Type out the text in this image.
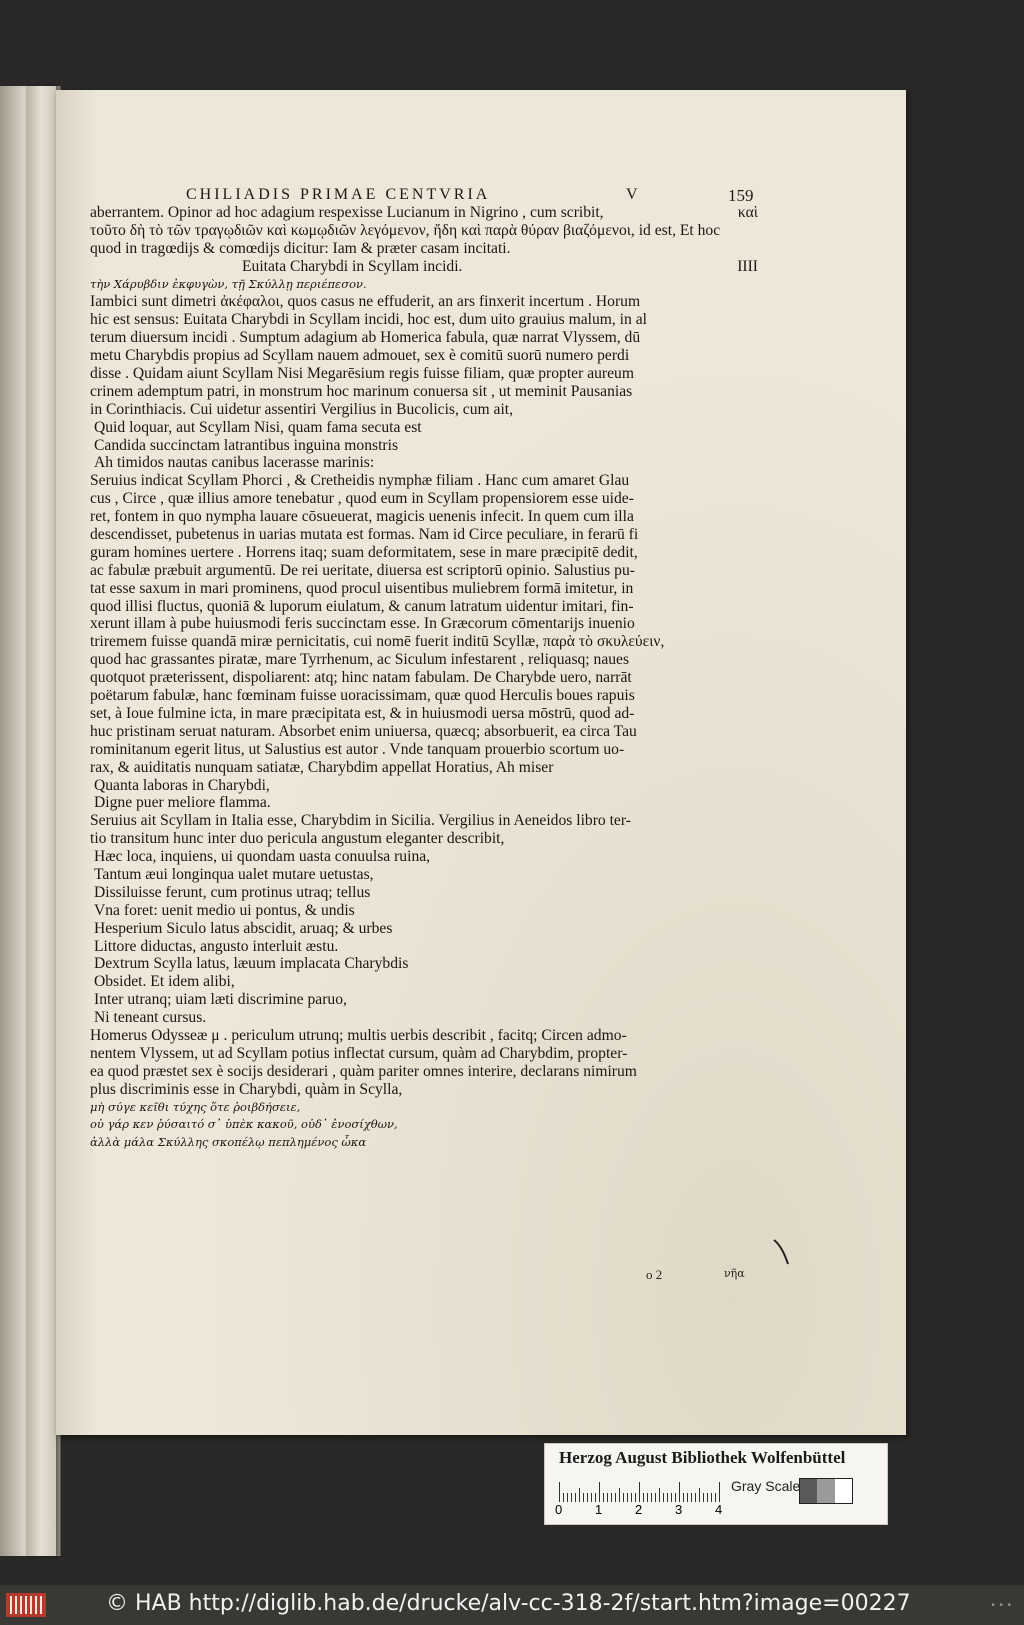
CHILIADIS PRIMAE CENTVRIA	V	159
aberrantem. Opinor ad hoc adagium respexisse Lucianum in Nigrino , cum scribit,	καὶ
τοῦτο δὴ τὸ τῶν τραγῳδιῶν καὶ κωμῳδιῶν λεγόμενον, ἤδη καὶ παρὰ θύραν βιαζόμενοι, id est, Et hoc
quod in tragœdijs & comœdijs dicitur: Iam & præter casam incitati.
Euitata Charybdi in Scyllam incidi.	IIII
τὴν Χάρυβδιν ἐκφυγὼν, τῇ Σκύλλῃ περιέπεσον.
Iambici sunt dimetri ἀκέφαλοι, quos casus ne effuderit, an ars finxerit incertum . Horum
hic est sensus: Euitata Charybdi in Scyllam incidi, hoc est, dum uito grauius malum, in al
terum diuersum incidi . Sumptum adagium ab Homerica fabula, quæ narrat Vlyssem, dū
metu Charybdis propius ad Scyllam nauem admouet, sex è comitū suorū numero perdi
disse . Quidam aiunt Scyllam Nisi Megarēsium regis fuisse filiam, quæ propter aureum
crinem ademptum patri, in monstrum hoc marinum conuersa sit , ut meminit Pausanias
in Corinthiacis. Cui uidetur assentiri Vergilius in Bucolicis, cum ait,
Quid loquar, aut Scyllam Nisi, quam fama secuta est
Candida succinctam latrantibus inguina monstris
Ah timidos nautas canibus lacerasse marinis:
Seruius indicat Scyllam Phorci , & Cretheidis nymphæ filiam . Hanc cum amaret Glau
cus , Circe , quæ illius amore tenebatur , quod eum in Scyllam propensiorem esse uide-
ret, fontem in quo nympha lauare cōsueuerat, magicis uenenis infecit. In quem cum illa
descendisset, pubetenus in uarias mutata est formas. Nam id Circe peculiare, in ferarū fi
guram homines uertere . Horrens itaq; suam deformitatem, sese in mare præcipitē dedit,
ac fabulæ præbuit argumentū. De rei ueritate, diuersa est scriptorū opinio. Salustius pu-
tat esse saxum in mari prominens, quod procul uisentibus muliebrem formā imitetur, in
quod illisi fluctus, quoniā & luporum eiulatum, & canum latratum uidentur imitari, fin-
xerunt illam à pube huiusmodi feris succinctam esse. In Græcorum cōmentarijs inuenio
triremem fuisse quandā miræ pernicitatis, cui nomē fuerit inditū Scyllæ, παρὰ τὸ σκυλεύειν,
quod hac grassantes piratæ, mare Tyrrhenum, ac Siculum infestarent , reliquasq; naues
quotquot præterissent, dispoliarent: atq; hinc natam fabulam. De Charybde uero, narrāt
poëtarum fabulæ, hanc fœminam fuisse uoracissimam, quæ quod Herculis boues rapuis
set, à Ioue fulmine icta, in mare præcipitata est, & in huiusmodi uersa mōstrū, quod ad-
huc pristinam seruat naturam. Absorbet enim uniuersa, quæcq; absorbuerit, ea circa Tau
rominitanum egerit litus, ut Salustius est autor . Vnde tanquam prouerbio scortum uo-
rax, & auiditatis nunquam satiatæ, Charybdim appellat Horatius, Ah miser
Quanta laboras in Charybdi,
Digne puer meliore flamma.
Seruius ait Scyllam in Italia esse, Charybdim in Sicilia. Vergilius in Aeneidos libro ter-
tio transitum hunc inter duo pericula angustum eleganter describit,
Hæc loca, inquiens, ui quondam uasta conuulsa ruina,
Tantum æui longinqua ualet mutare uetustas,
Dissiluisse ferunt, cum protinus utraq; tellus
Vna foret: uenit medio ui pontus, & undis
Hesperium Siculo latus abscidit, aruaq; & urbes
Littore diductas, angusto interluit æstu.
Dextrum Scylla latus, læuum implacata Charybdis
Obsidet. Et idem alibi,
Inter utranq; uiam læti discrimine paruo,
Ni teneant cursus.
Homerus Odysseæ μ . periculum utrunq; multis uerbis describit , facitq; Circen admo-
nentem Vlyssem, ut ad Scyllam potius inflectat cursum, quàm ad Charybdim, propter-
ea quod præstet sex è socijs desiderari , quàm pariter omnes interire, declarans nimirum
plus discriminis esse in Charybdi, quàm in Scylla,
μὴ σύγε κεῖθι τύχης ὅτε ῥοιβδήσειε,
οὐ γάρ κεν ῥύσαιτό σ᾽ ὑπὲκ κακοῦ, οὐδ᾽ ἐνοσίχθων,
ἀλλὰ μάλα Σκύλλης σκοπέλῳ πεπλημένος ὦκα
o 2	νῆα
Herzog August Bibliothek Wolfenbüttel
0	1	2	3	4
Gray Scale
© HAB http://diglib.hab.de/drucke/alv-cc-318-2f/start.htm?image=00227	• • •
